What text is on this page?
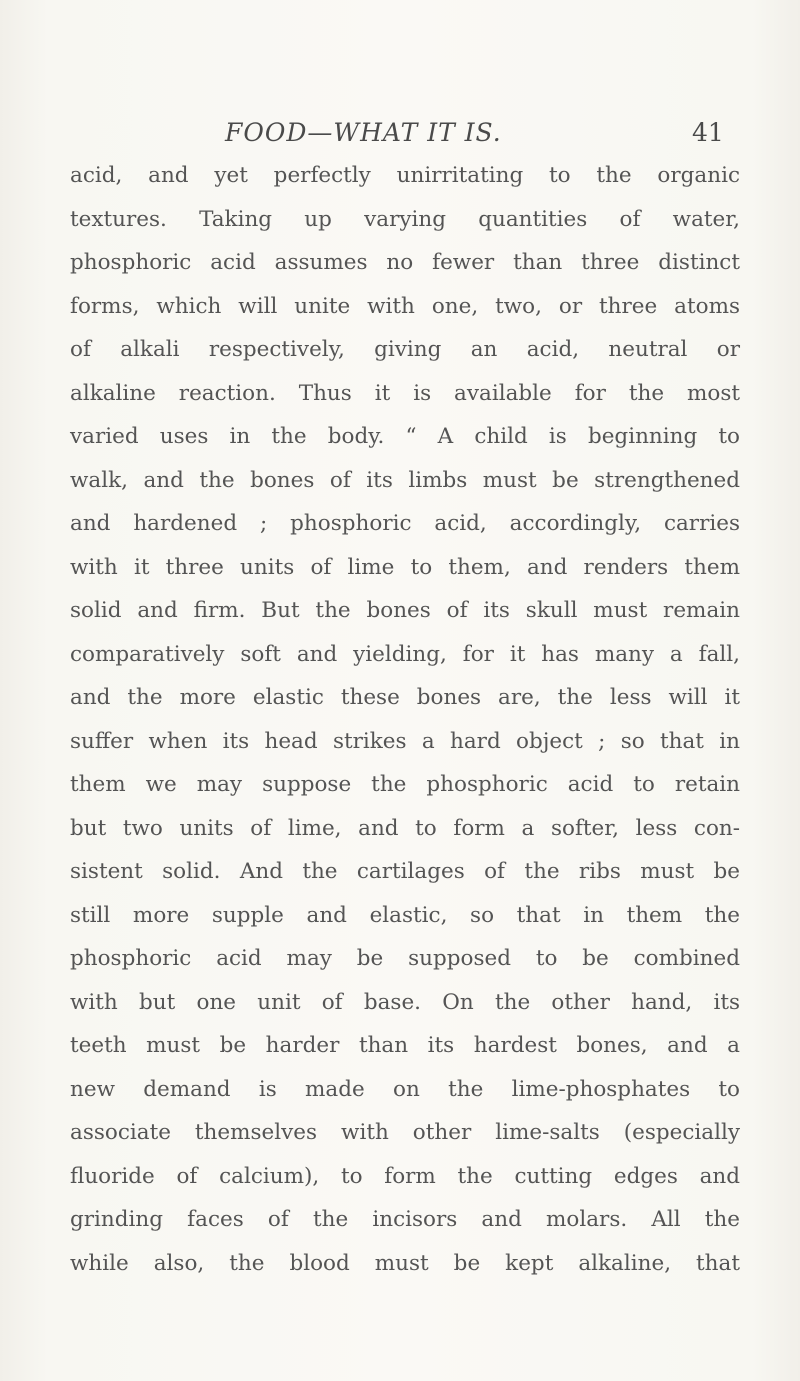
FOOD—WHAT IT IS.	41
acid, and yet perfectly unirritating to the organic
textures. Taking up varying quantities of water,
phosphoric acid assumes no fewer than three distinct
forms, which will unite with one, two, or three atoms
of alkali respectively, giving an acid, neutral or
alkaline reaction. Thus it is available for the most
varied uses in the body. “ A child is beginning to
walk, and the bones of its limbs must be strengthened
and hardened ; phosphoric acid, accordingly, carries
with it three units of lime to them, and renders them
solid and firm. But the bones of its skull must remain
comparatively soft and yielding, for it has many a fall,
and the more elastic these bones are, the less will it
suffer when its head strikes a hard object ; so that in
them we may suppose the phosphoric acid to retain
but two units of lime, and to form a softer, less con-
sistent solid. And the cartilages of the ribs must be
still more supple and elastic, so that in them the
phosphoric acid may be supposed to be combined
with but one unit of base. On the other hand, its
teeth must be harder than its hardest bones, and a
new demand is made on the lime-phosphates to
associate themselves with other lime-salts (especially
fluoride of calcium), to form the cutting edges and
grinding faces of the incisors and molars. All the
while also, the blood must be kept alkaline, that
